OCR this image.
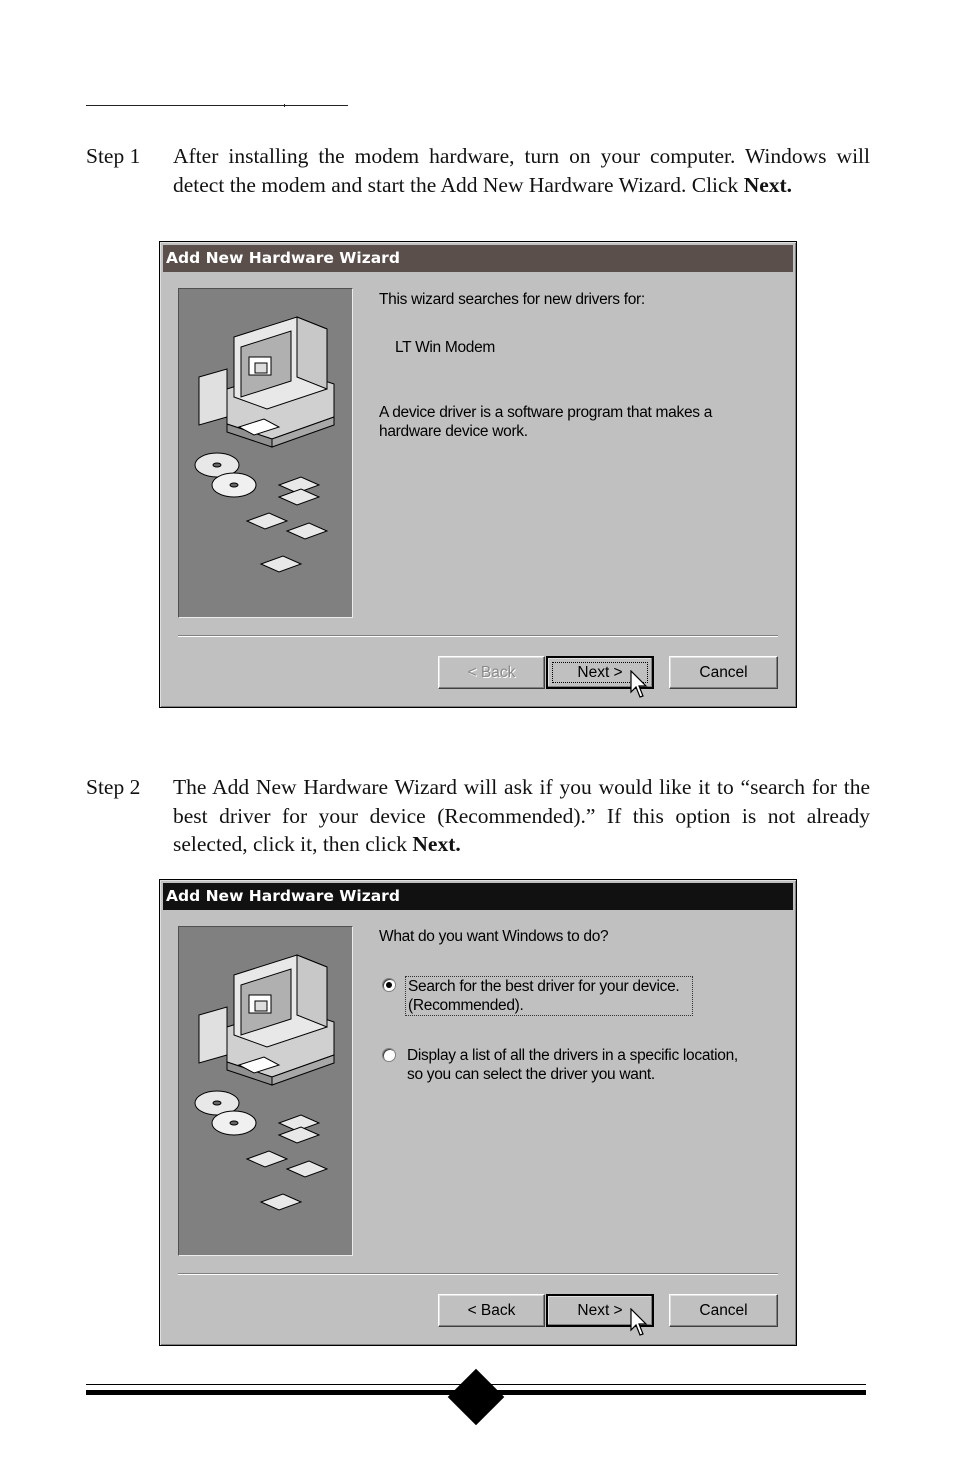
Step 1	After installing the modem hardware, turn on your computer. Windows will detect the modem and start the Add New Hardware Wizard. Click Next.
Add New Hardware Wizard
This wizard searches for new drivers for:
LT Win Modem
A device driver is a software program that makes a hardware device work.
< Back	Next >	Cancel
Step 2	The Add New Hardware Wizard will ask if you would like it to “search for the best driver for your device (Recommended).” If this option is not already selected, click it, then click Next.
Add New Hardware Wizard
What do you want Windows to do?
Search for the best driver for your device. (Recommended).
Display a list of all the drivers in a specific location, so you can select the driver you want.
< Back	Next >	Cancel
